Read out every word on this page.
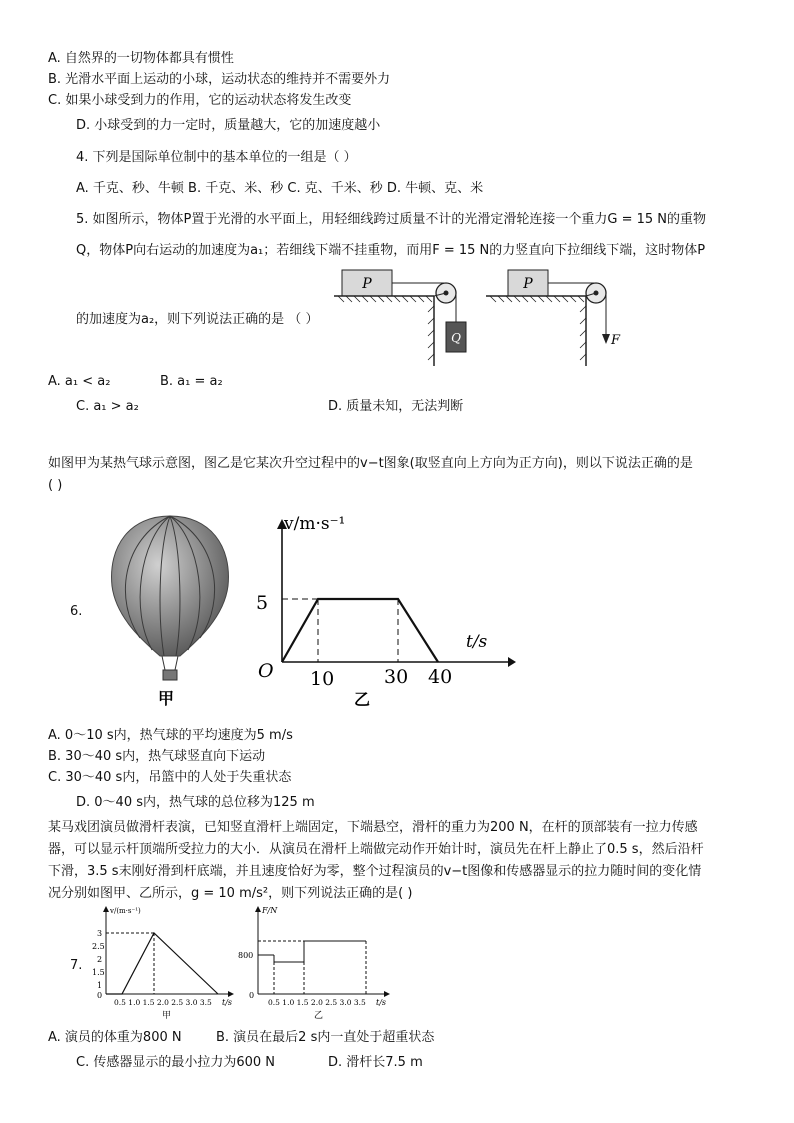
A. 自然界的一切物体都具有惯性
B. 光滑水平面上运动的小球，运动状态的维持并不需要外力
C. 如果小球受到力的作用，它的运动状态将发生改变
D. 小球受到的力一定时，质量越大，它的加速度越小
4. 下列是国际单位制中的基本单位的一组是（ ）
A. 千克、秒、牛顿 B. 千克、米、秒 C. 克、千米、秒 D. 牛顿、克、米
5. 如图所示，物体P置于光滑的水平面上，用轻细线跨过质量不计的光滑定滑轮连接一个重力G = 15 N的重物
Q，物体P向右运动的加速度为a₁；若细线下端不挂重物，而用F = 15 N的力竖直向下拉细线下端，这时物体P
的加速度为a₂，则下列说法正确的是 （ ）
P
Q
P
F
A. a₁ < a₂	B. a₁ = a₂
C. a₁ > a₂	D. 质量未知，无法判断
如图甲为某热气球示意图，图乙是它某次升空过程中的v−t图象(取竖直向上方向为正方向)，则以下说法正确的是
( )
6.
甲
v/m·s⁻¹
t/s
O
5
10	30 40
乙
A. 0～10 s内，热气球的平均速度为5 m/s
B. 30～40 s内，热气球竖直向下运动
C. 30～40 s内，吊篮中的人处于失重状态
D. 0～40 s内，热气球的总位移为125 m
某马戏团演员做滑杆表演，已知竖直滑杆上端固定，下端悬空，滑杆的重力为200 N，在杆的顶部装有一拉力传感
器，可以显示杆顶端所受拉力的大小．从演员在滑杆上端做完动作开始计时，演员先在杆上静止了0.5 s，然后沿杆
下滑，3.5 s末刚好滑到杆底端，并且速度恰好为零，整个过程演员的v−t图像和传感器显示的拉力随时间的变化情
况分别如图甲、乙所示，g = 10 m/s²，则下列说法正确的是( )
7.
v/(m·s⁻¹)
3
2.5
2
1.5
1
0
0.5 1.0 1.5 2.0 2.5 3.0 3.5 t/s
甲
F/N
800
0
0.5 1.0 1.5 2.0 2.5 3.0 3.5 t/s
乙
A. 演员的体重为800 N	B. 演员在最后2 s内一直处于超重状态
C. 传感器显示的最小拉力为600 N	D. 滑杆长7.5 m
